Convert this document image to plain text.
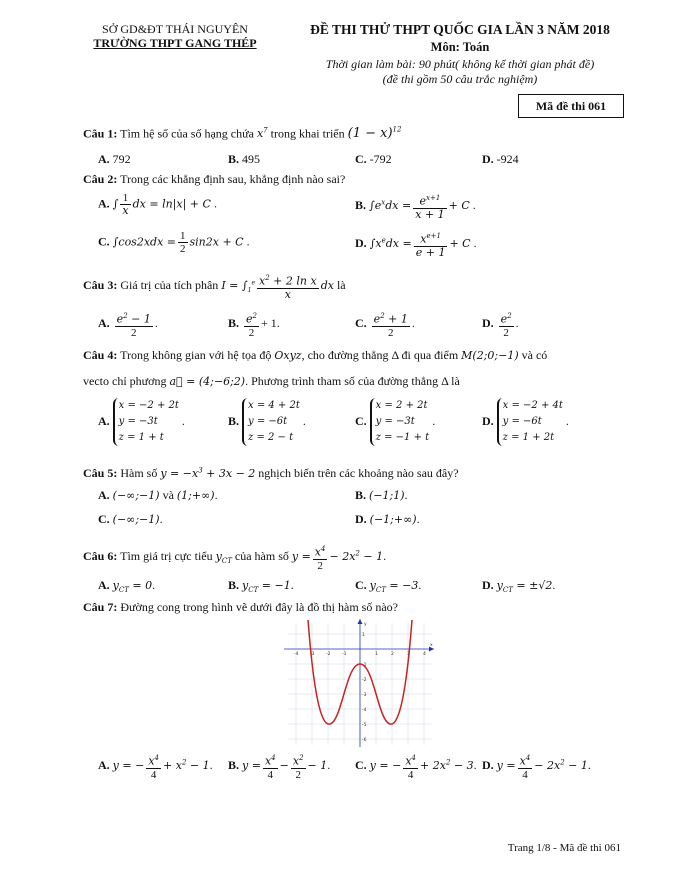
SỞ GD&ĐT THÁI NGUYÊN
TRƯỜNG THPT GANG THÉP
ĐỀ THI THỬ THPT QUỐC GIA LẦN 3 NĂM 2018
Môn: Toán
Thời gian làm bài: 90 phút( không kể thời gian phát đề)
(đề thi gồm 50 câu trắc nghiệm)
Mã đề thi 061
Câu 1: Tìm hệ số của số hạng chứa $x^7$ trong khai triển $(1 - x)^{12}$
A. 792	B. 495	C. -792	D. -924
Câu 2: Trong các khẳng định sau, khẳng định nào sai?
A. ∫ $\frac{1}{x}$ dx = ln|x| + C .	B. $\int e^xdx = \frac{e^{x+1}}{x + 1} + C$ .
C. $\int\cos 2xdx = \frac{1}{2} \sin 2x + C$ .	D. $\int x^edx = \frac{x^{e+1}}{e + 1} + C$ .
Câu 3: Giá trị của tích phân $I = \int_1^e \frac{x^2 + 2 \ln x}{x}$ dx là
A. $\frac{e^2 - 1}{2}$ .	B. $\frac{e^2}{2} + 1$.	C. $\frac{e^2 + 1}{2}$ .	D. $\frac{e^2}{2}$ .
Câu 4: Trong không gian với hệ tọa độ Oxyz, cho đường thẳng Δ đi qua điểm M(2;0;−1) và có
vecto chỉ phương a⃗ = (4;−6;2). Phương trình tham số của đường thẳng Δ là
A. x = −2 + 2t
y = −3t
z = 1 + t .	B. x = 4 + 2t
y = −6t
z = 2 − t .	C. x = 2 + 2t
y = −3t
z = −1 + t .	D. x = −2 + 4t
y = −6t
z = 1 + 2t .
Câu 5: Hàm số $y = -x^3 + 3x - 2$ nghịch biến trên các khoảng nào sau đây?
A. (−∞;−1) và (1;+∞).	B. (−1;1).
C. (−∞;−1).	D. (−1;+∞).
Câu 6: Tìm giá trị cực tiểu $y_{CT}$ của hàm số $y = \frac{x^4}{2} - 2x^2 - 1$.
A. $y_{CT} = 0$.	B. $y_{CT} = -1$.	C. $y_{CT} = -3$.	D. $y_{CT} = \pm√2$.
Câu 7: Đường cong trong hình vẽ dưới đây là đồ thị hàm số nào?
-4	-3	-2	-1	1	2	3	4
1
-1
-2
-3
-4
-5
-6
y
x
A. y = − $\frac{x^4}{4} + x^2 - 1$. B. $y = \frac{x^4}{4} - \frac{x^2}{2} - 1$. C. y = − $\frac{x^4}{4} + 2x^2 - 3$. D. $y = \frac{x^4}{4} - 2x^2 - 1$.
Trang 1/8 - Mã đề thi 061
